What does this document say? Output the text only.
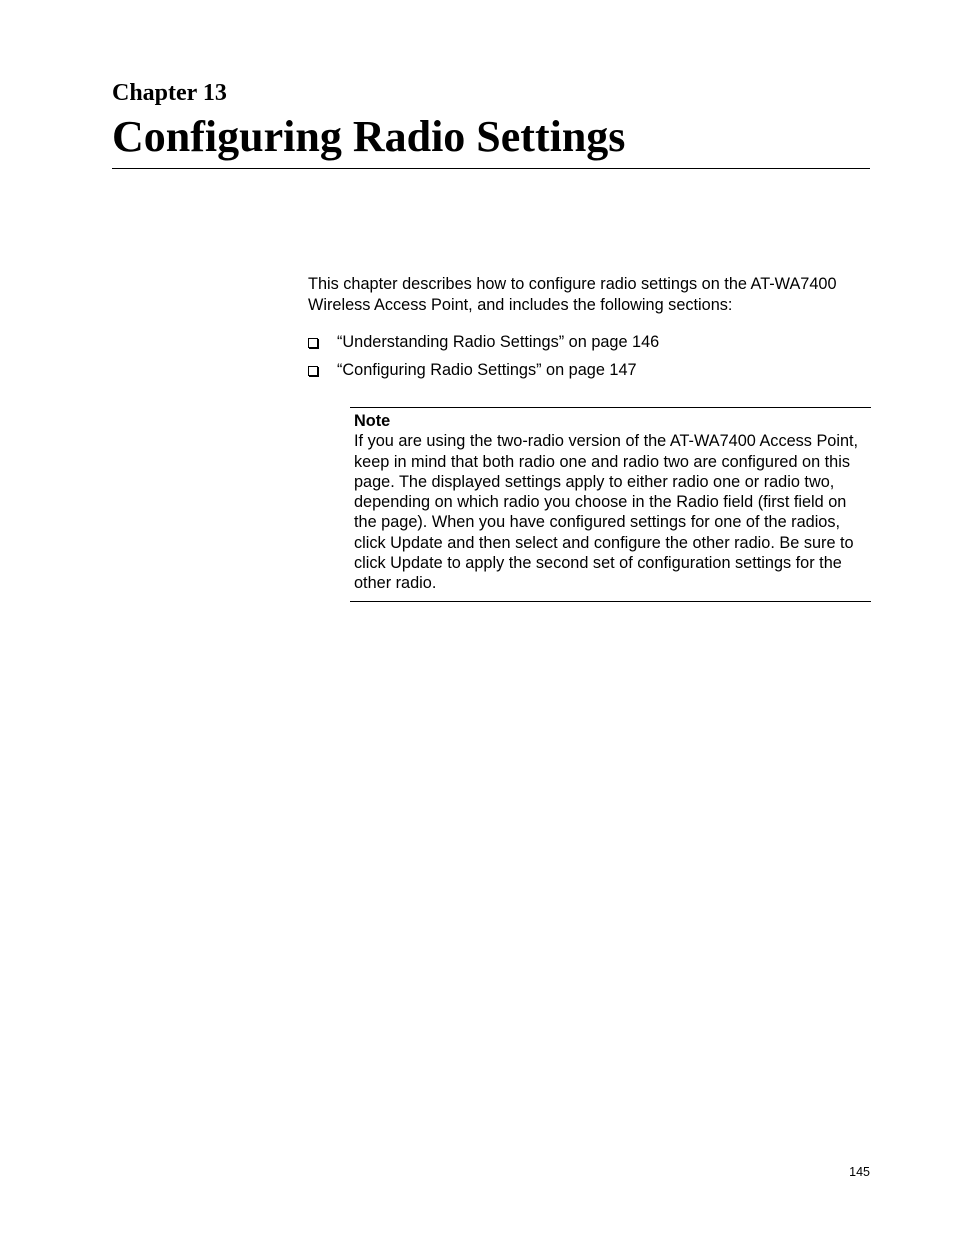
Chapter 13
Configuring Radio Settings

This chapter describes how to configure radio settings on the AT-WA7400 Wireless Access Point, and includes the following sections:

“Understanding Radio Settings” on page 146
“Configuring Radio Settings” on page 147
Note
If you are using the two-radio version of the AT-WA7400 Access Point, keep in mind that both radio one and radio two are configured on this page. The displayed settings apply to either radio one or radio two, depending on which radio you choose in the Radio field (first field on the page). When you have configured settings for one of the radios, click Update and then select and configure the other radio. Be sure to click Update to apply the second set of configuration settings for the other radio.
145
